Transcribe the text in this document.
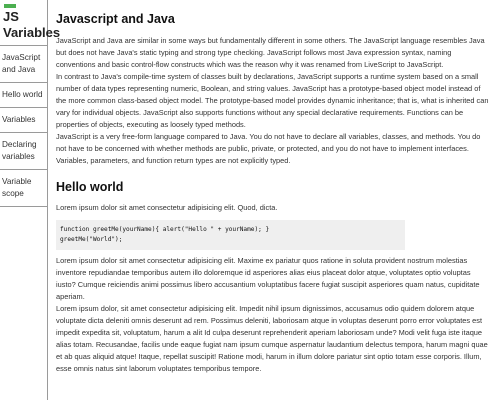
JS
Variables
JavaScript and Java
Hello world
Variables
Declaring variables
Variable scope
Javascript and Java

JavaScript and Java are similar in some ways but fundamentally different in some others. The JavaScript language resembles Java but does not have Java's static typing and strong type checking. JavaScript follows most Java expression syntax, naming conventions and basic control-flow constructs which was the reason why it was renamed from LiveScript to JavaScript.

In contrast to Java's compile-time system of classes built by declarations, JavaScript supports a runtime system based on a small number of data types representing numeric, Boolean, and string values. JavaScript has a prototype-based object model instead of the more common class-based object model. The prototype-based model provides dynamic inheritance; that is, what is inherited can vary for individual objects. JavaScript also supports functions without any special declarative requirements. Functions can be properties of objects, executing as loosely typed methods.

JavaScript is a very free-form language compared to Java. You do not have to declare all variables, classes, and methods. You do not have to be concerned with whether methods are public, private, or protected, and you do not have to implement interfaces. Variables, parameters, and function return types are not explicitly typed.

Hello world

Lorem ipsum dolor sit amet consectetur adipisicing elit. Quod, dicta.

function greetMe(yourName){ alert("Hello " + yourName); }
greetMe("World");

Lorem ipsum dolor sit amet consectetur adipisicing elit. Maxime ex pariatur quos ratione in soluta provident nostrum molestias inventore repudiandae temporibus autem illo doloremque id asperiores alias eius placeat dolor atque, voluptates optio voluptas iusto? Cumque reiciendis animi possimus libero accusantium voluptatibus facere fugiat suscipit asperiores quam natus, cupiditate aperiam.

Lorem ipsum dolor, sit amet consectetur adipisicing elit. Impedit nihil ipsum dignissimos, accusamus odio quidem dolorem atque voluptate dicta deleniti omnis deserunt ad rem. Possimus deleniti, laboriosam atque in voluptas deserunt porro error voluptates est impedit expedita sit, voluptatum, harum a alit Id culpa deserunt reprehenderit aperiam laboriosam unde? Modi velit fuga iste itaque alias totam. Recusandae, facilis unde eaque fugiat nam ipsum cumque aspernatur laudantium delectus tempora, harum magni quae et ab quas aliquid atque! Itaque, repellat suscipit! Ratione modi, harum in illum dolore pariatur sint optio totam esse corporis. Illum, esse omnis natus sint laborum voluptates temporibus tempore.
